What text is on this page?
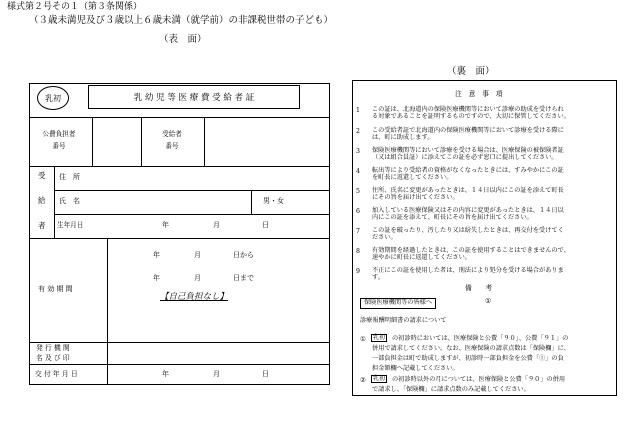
様式第２号その１（第３条関係）
（３歳未満児及び３歳以上６歳未満（就学前）の非課税世帯の子ども）
（表　面）
乳初	乳 幼 児 等 医 療 費 受 給 者 証
公費負担者
番号
受給者
番号
受
給
者
住　所
氏　名	男・女
生年月日	年	月	日
有 効 期 間
年	月	日から
年	月	日まで
【自己負担なし】
発 行 機 関
名 及 び 印
交 付 年 月 日	年	月	日
（裏　面）
注　意　事　項
1 この証は、北海道内の保険医療機関等において診療の助成を受けられ
る対象であることを証明するものですので、大切に保管してください。
2 この受給者証で北海道内の保険医療機関等において診療を受ける際に
は、町に助成します。
3 保険医療機関等において診療を受ける場合は、医療保険の被保険者証
（又は組合員証）に添えてこの証を必ず窓口に提出してください。
4 転出等により受給者の資格がなくなったときには、すみやかにこの証
を町長に返還してください。
5 住所、氏名に変更があったときは、１４日以内にこの証を添えて町長
にその旨を届け出てください。
6 加入している医療保険又はその内容に変更があったときは、１４日以
内にこの証を添えて、町長にその旨を届け出てください。
7 この証を破ったり、汚したり又は紛失したときは、再交付を受けてく
ださい。
8 有効期間を経過したときは、この証を使用することはできませんので、
速やかに町長に返還してください。
9 不正にこの証を使用した者は、刑法により処分を受ける場合がありま
す。
備　　考
保険医療機関等の皆様へ	①
診療報酬明細書の請求について
①	乳初	の初診時においては、医療保険と公費「９０」、公費「９１」の
併用で請求してください。なお、医療保険の請求点数は「保険欄」に、
一部負担金は町で助成しますが、初診時一部負担金を公費「①」の負
担金額欄へ記載してください。
②	乳初	の初診時以外の月については、医療保険と公費「９０」の併用
で請求し、「保険欄」に請求点数のみ記載してください。
